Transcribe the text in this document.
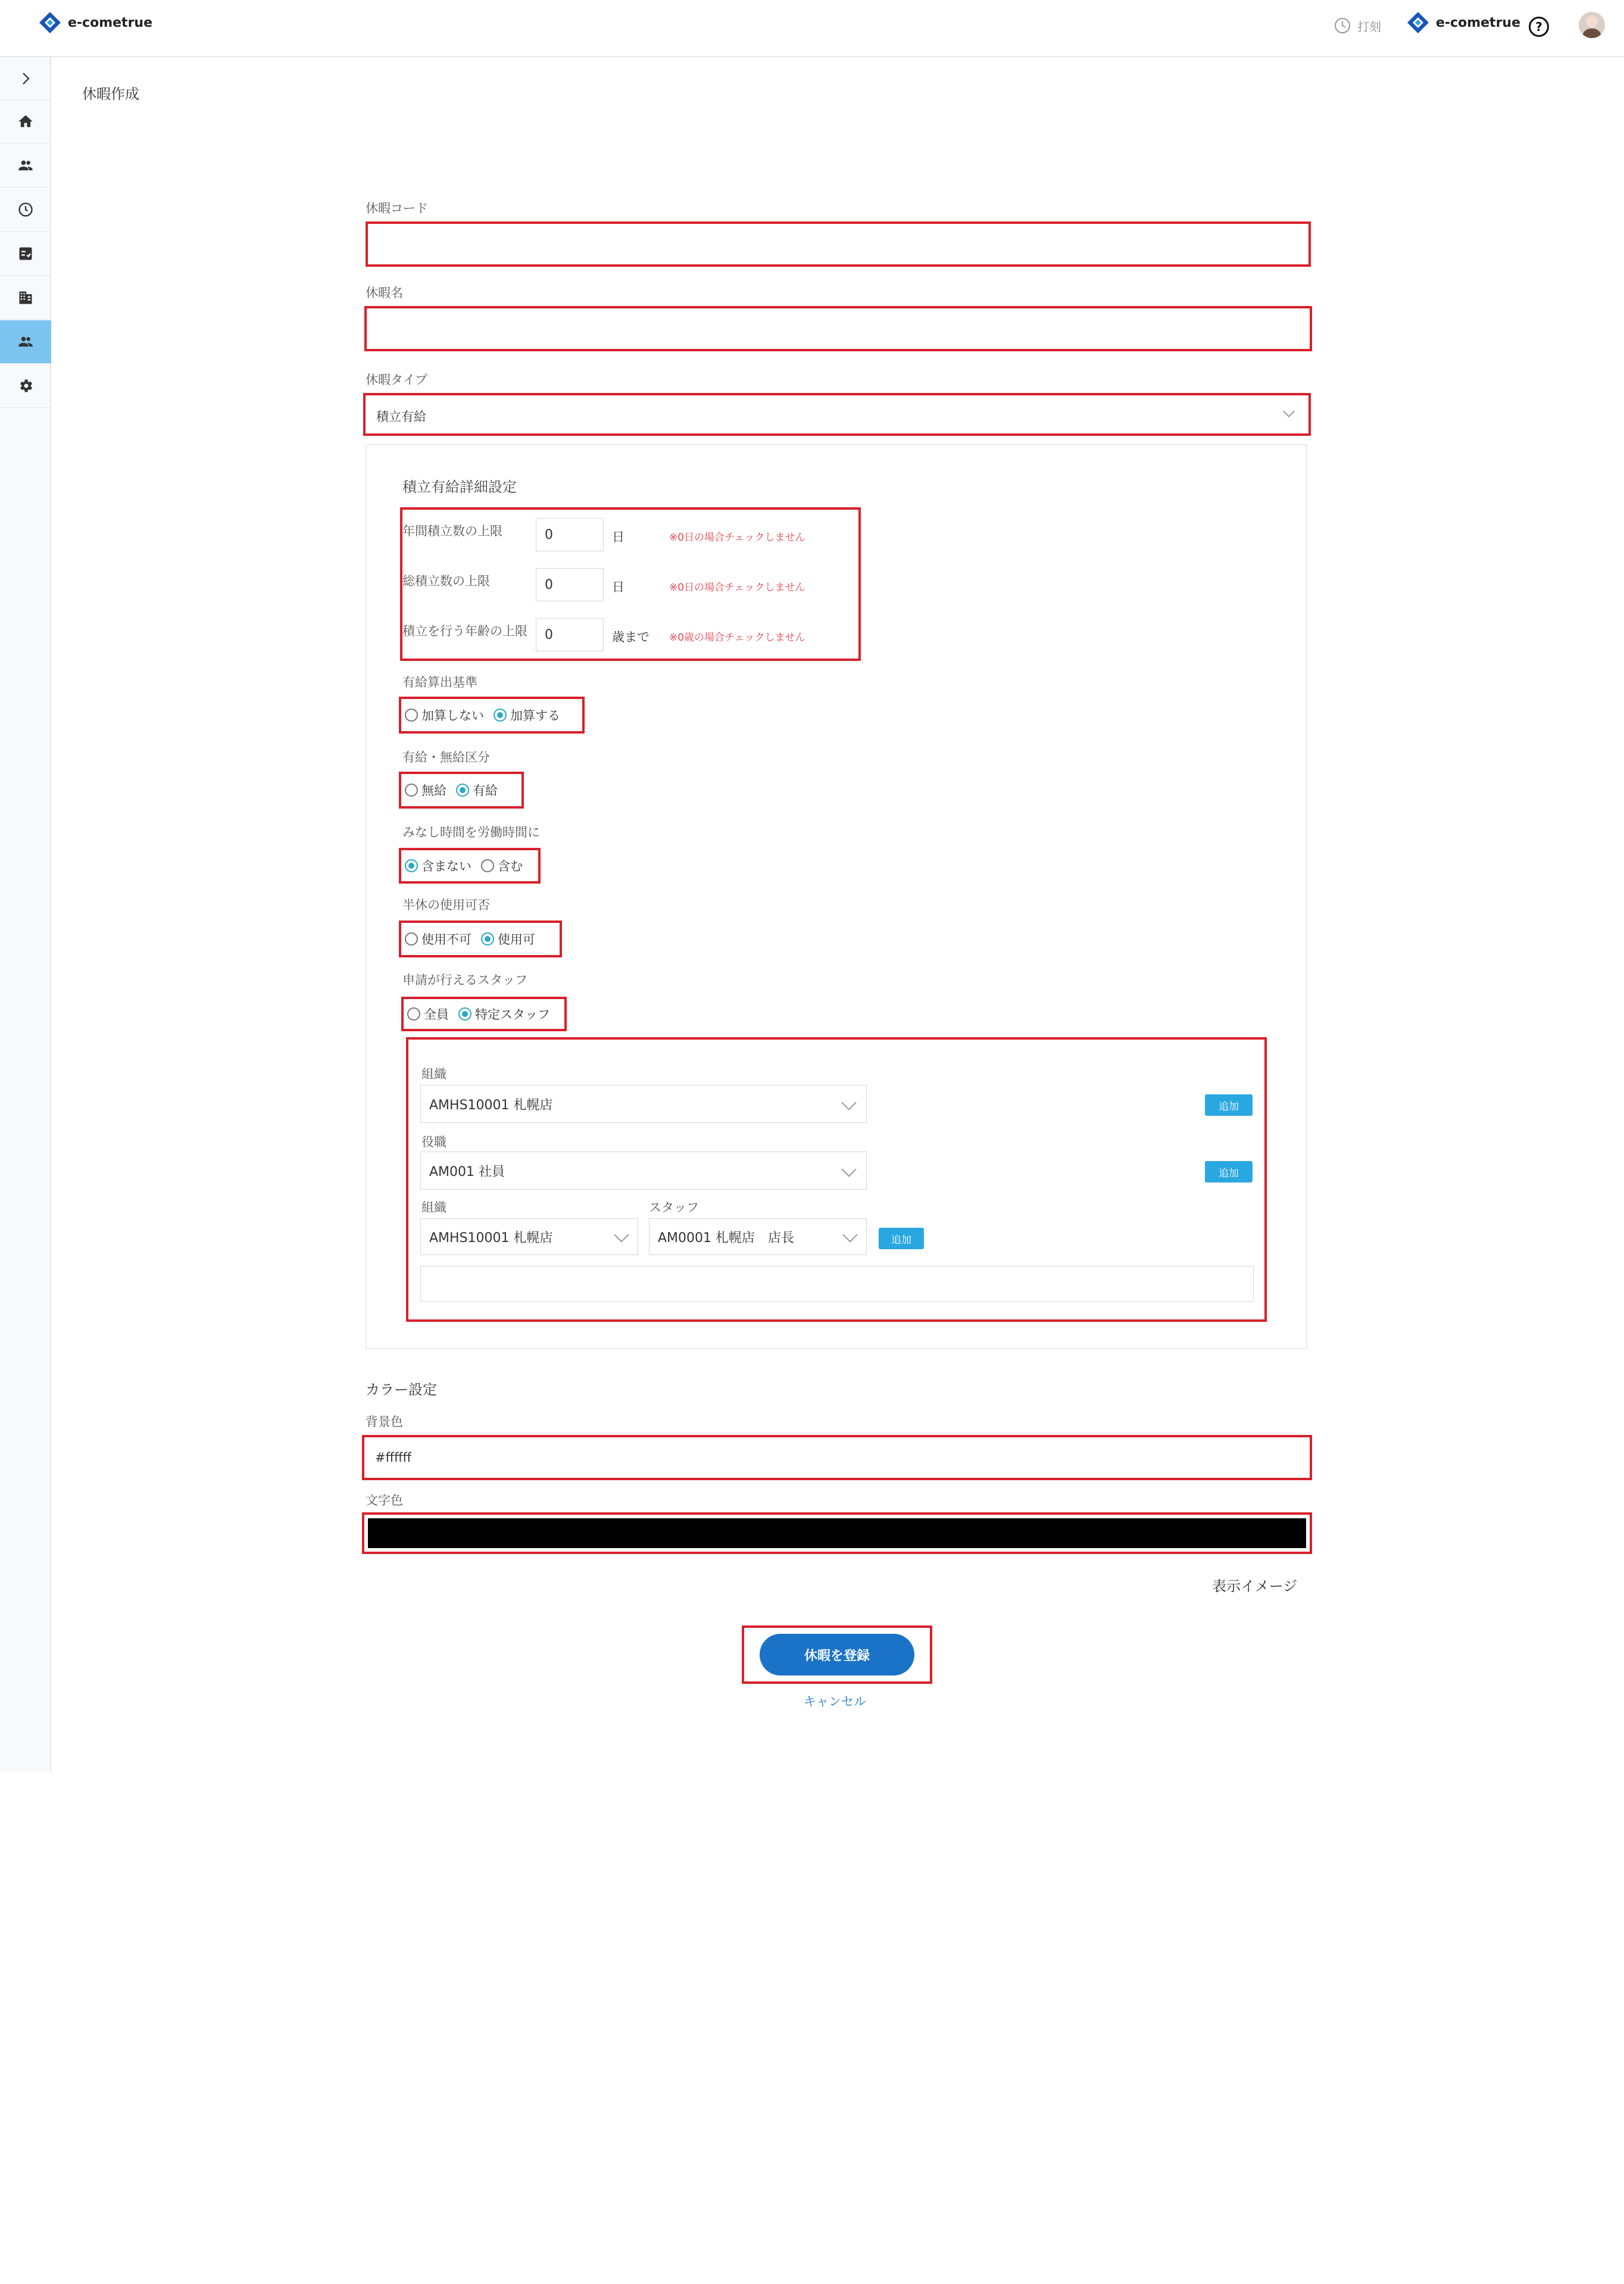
e-cometrue	打刻	e-cometrue	?
休暇作成
休暇コード
休暇名
休暇タイプ
積立有給
積立有給詳細設定
年間積立数の上限	0	日	※0日の場合チェックしません
総積立数の上限	0	日	※0日の場合チェックしません
積立を行う年齢の上限	0	歳まで ※0歳の場合チェックしません
有給算出基準
加算しない 加算する
有給・無給区分
無給 有給
みなし時間を労働時間に
含まない 含む
半休の使用可否
使用不可 使用可
申請が行えるスタッフ
全員 特定スタッフ
組織
AMHS10001 札幌店	追加
役職
AM001 社員	追加
組織
AMHS10001 札幌店
スタッフ
AM0001 札幌店　店長	追加
カラー設定
背景色
#ffffff
文字色
表示イメージ
休暇を登録
キャンセル
